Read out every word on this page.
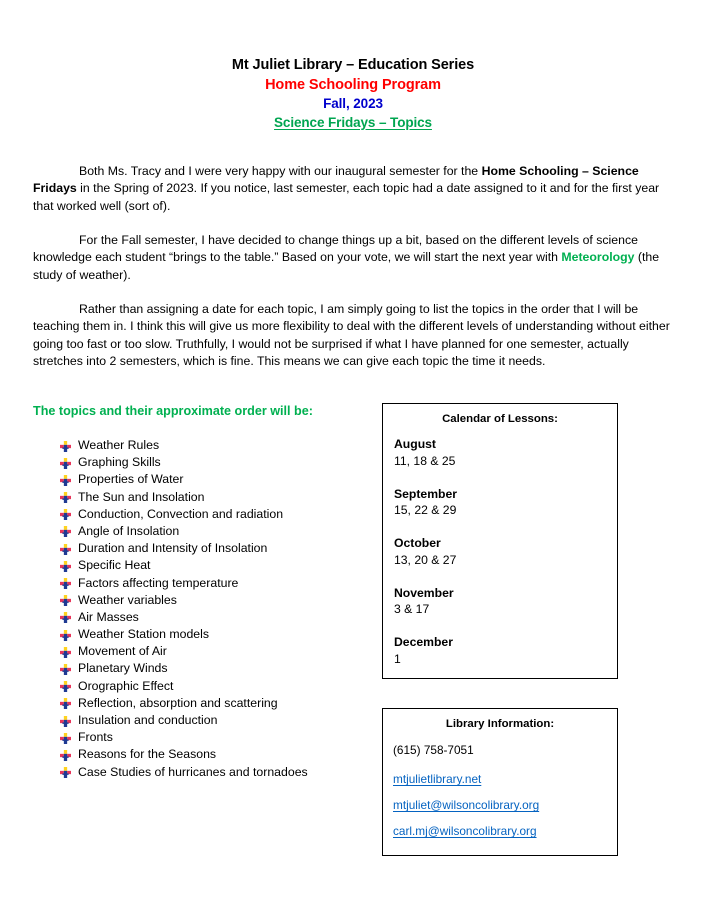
Mt Juliet Library – Education Series
Home Schooling Program
Fall, 2023
Science Fridays – Topics
Both Ms. Tracy and I were very happy with our inaugural semester for the Home Schooling – Science Fridays in the Spring of 2023. If you notice, last semester, each topic had a date assigned to it and for the first year that worked well (sort of).
For the Fall semester, I have decided to change things up a bit, based on the different levels of science knowledge each student “brings to the table.” Based on your vote, we will start the next year with Meteorology (the study of weather).
Rather than assigning a date for each topic, I am simply going to list the topics in the order that I will be teaching them in. I think this will give us more flexibility to deal with the different levels of understanding without either going too fast or too slow. Truthfully, I would not be surprised if what I have planned for one semester, actually stretches into 2 semesters, which is fine. This means we can give each topic the time it needs.
The topics and their approximate order will be:
Weather Rules
Graphing Skills
Properties of Water
The Sun and Insolation
Conduction, Convection and radiation
Angle of Insolation
Duration and Intensity of Insolation
Specific Heat
Factors affecting temperature
Weather variables
Air Masses
Weather Station models
Movement of Air
Planetary Winds
Orographic Effect
Reflection, absorption and scattering
Insulation and conduction
Fronts
Reasons for the Seasons
Case Studies of hurricanes and tornadoes
Calendar of Lessons:
August
11, 18 & 25
September
15, 22 & 29
October
13, 20 & 27
November
3 & 17
December
1
Library Information:
(615) 758-7051
mtjulietlibrary.net
mtjuliet@wilsoncolibrary.org
carl.mj@wilsoncolibrary.org
